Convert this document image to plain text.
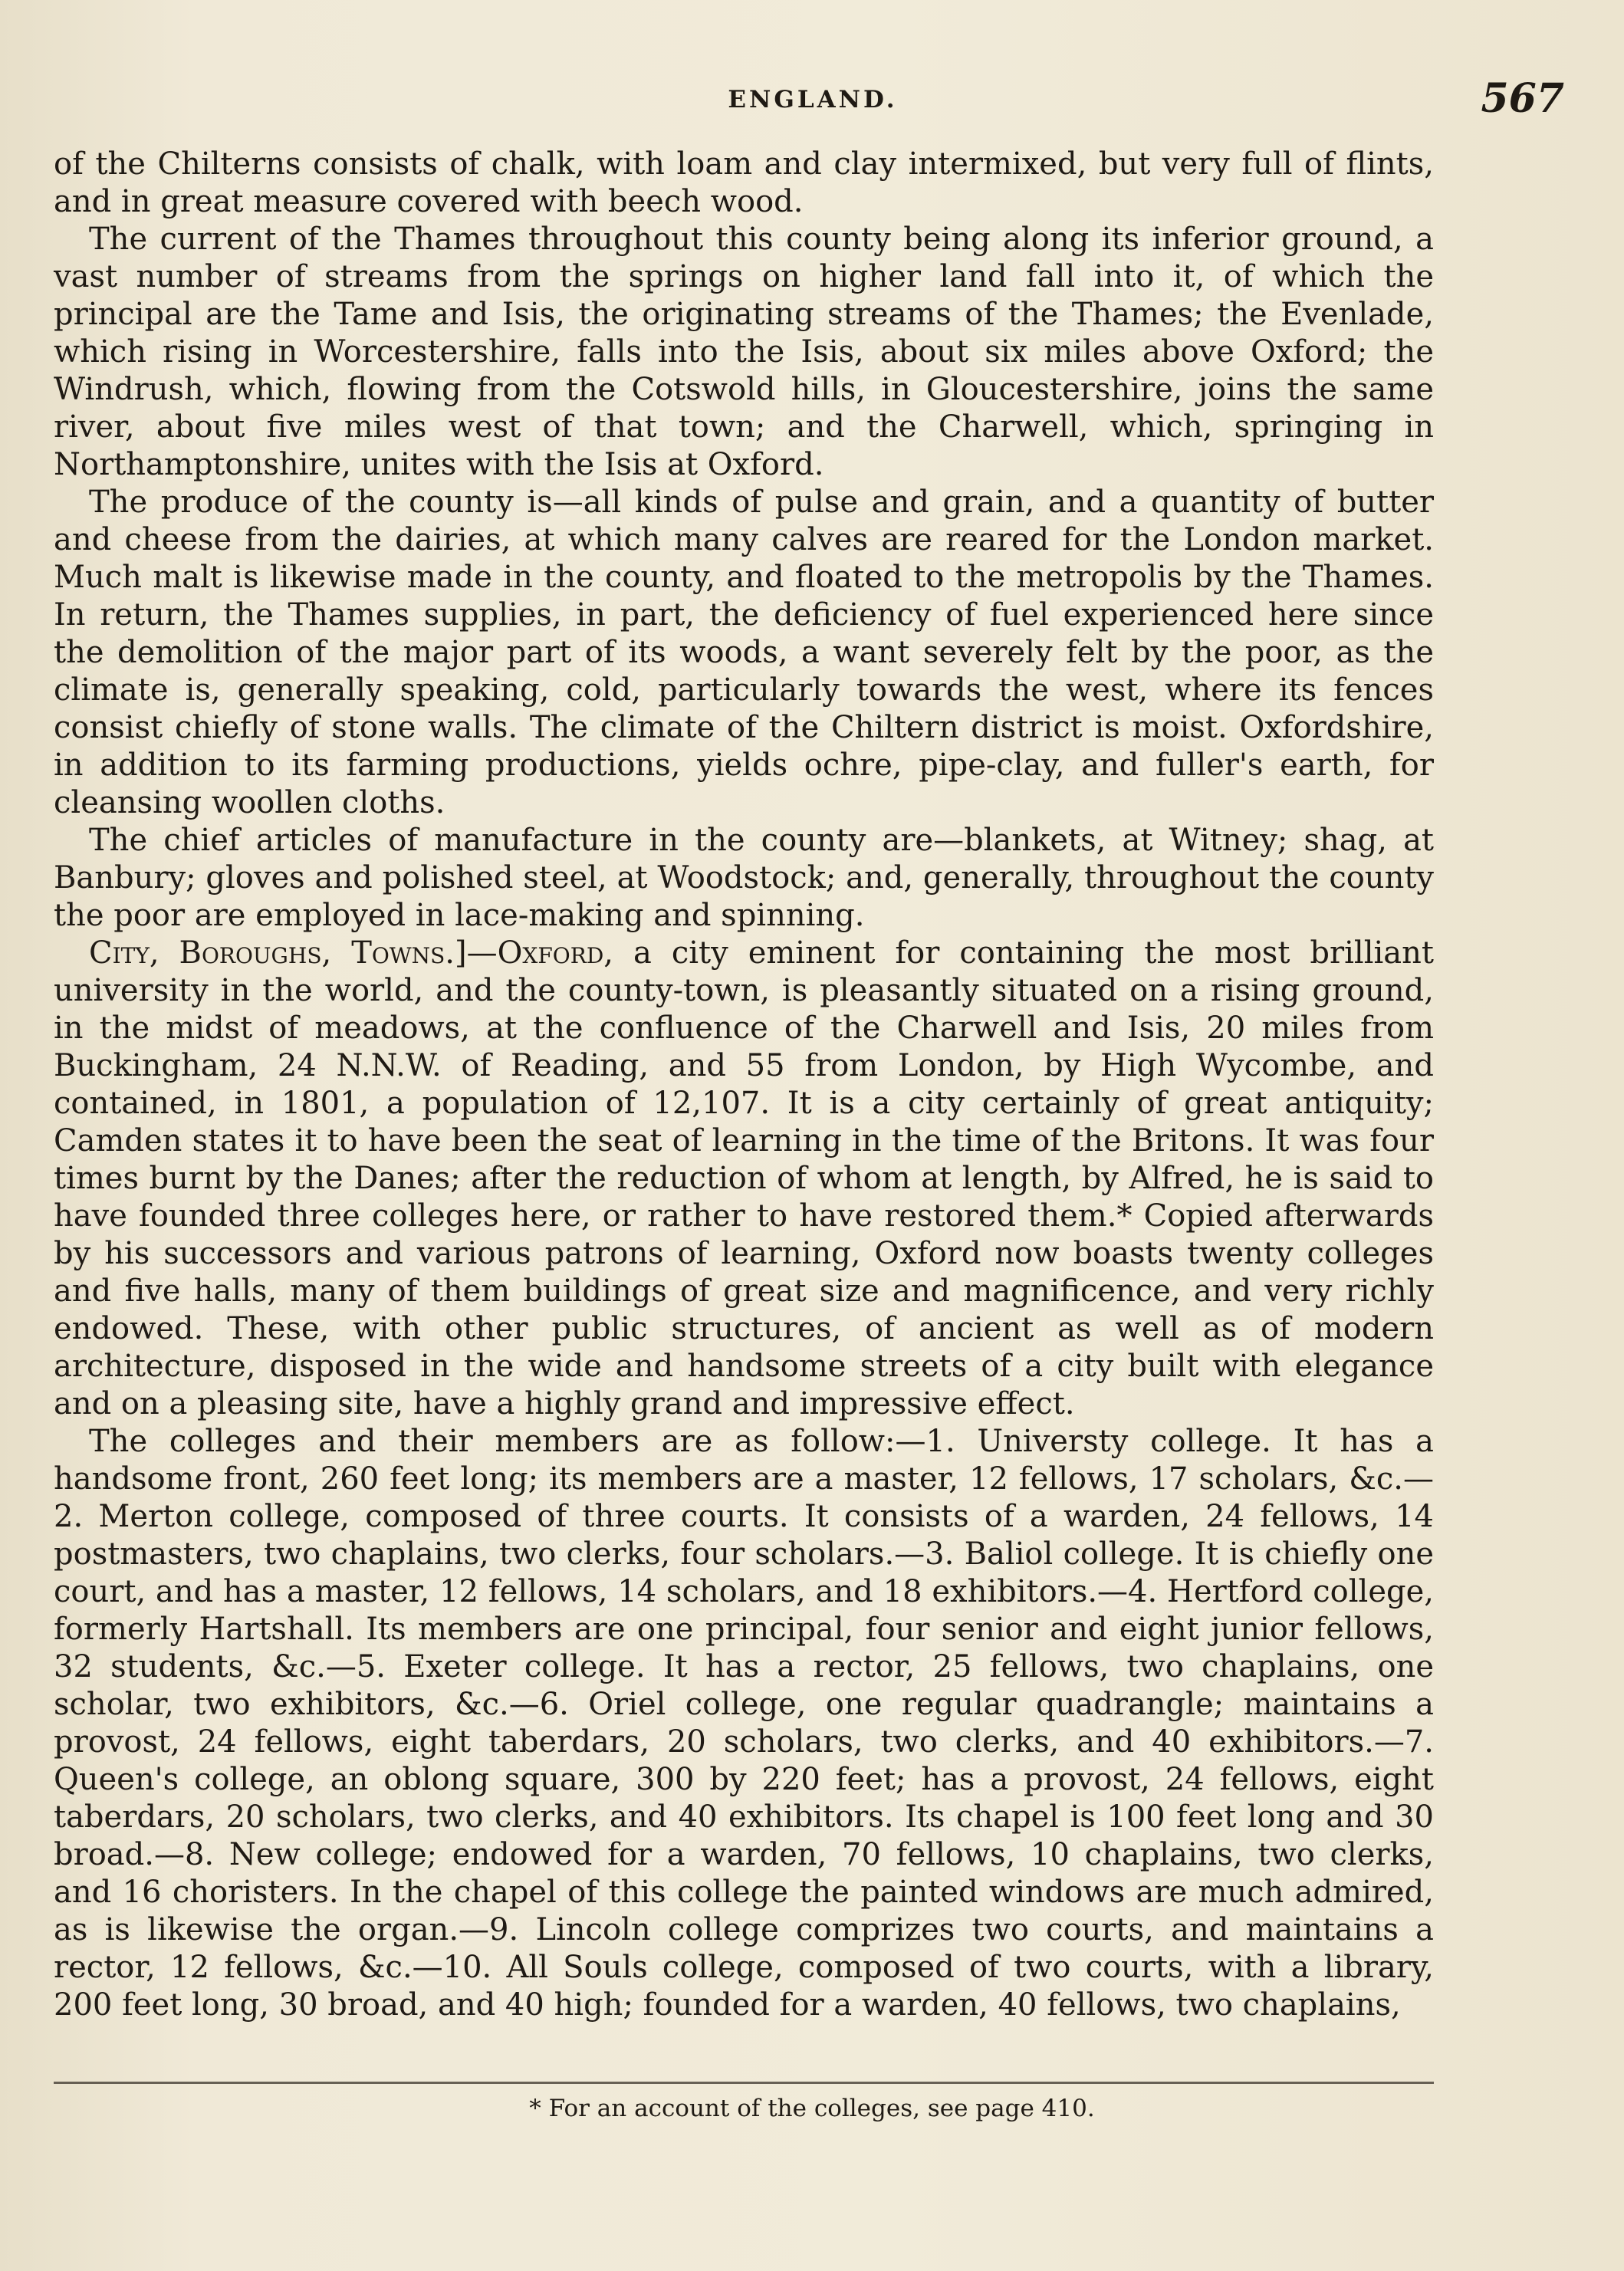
ENGLAND.	567

of the Chilterns consists of chalk, with loam and clay intermixed, but very full of flints, and in great measure covered with beech wood.

The current of the Thames throughout this county being along its inferior ground, a vast number of streams from the springs on higher land fall into it, of which the principal are the Tame and Isis, the originating streams of the Thames; the Evenlade, which rising in Worcestershire, falls into the Isis, about six miles above Oxford; the Windrush, which, flowing from the Cotswold hills, in Gloucestershire, joins the same river, about five miles west of that town; and the Charwell, which, springing in Northamptonshire, unites with the Isis at Oxford.

The produce of the county is—all kinds of pulse and grain, and a quantity of butter and cheese from the dairies, at which many calves are reared for the London market. Much malt is likewise made in the county, and floated to the metropolis by the Thames. In return, the Thames supplies, in part, the deficiency of fuel experienced here since the demolition of the major part of its woods, a want severely felt by the poor, as the climate is, generally speaking, cold, particularly towards the west, where its fences consist chiefly of stone walls. The climate of the Chiltern district is moist. Oxfordshire, in addition to its farming productions, yields ochre, pipe-clay, and fuller's earth, for cleansing woollen cloths.

The chief articles of manufacture in the county are—blankets, at Witney; shag, at Banbury; gloves and polished steel, at Woodstock; and, generally, throughout the county the poor are employed in lace-making and spinning.

City, Boroughs, Towns.]—Oxford, a city eminent for containing the most brilliant university in the world, and the county-town, is pleasantly situated on a rising ground, in the midst of meadows, at the confluence of the Charwell and Isis, 20 miles from Buckingham, 24 N.N.W. of Reading, and 55 from London, by High Wycombe, and contained, in 1801, a population of 12,107. It is a city certainly of great antiquity; Camden states it to have been the seat of learning in the time of the Britons. It was four times burnt by the Danes; after the reduction of whom at length, by Alfred, he is said to have founded three colleges here, or rather to have restored them.* Copied afterwards by his successors and various patrons of learning, Oxford now boasts twenty colleges and five halls, many of them buildings of great size and magnificence, and very richly endowed. These, with other public structures, of ancient as well as of modern architecture, disposed in the wide and handsome streets of a city built with elegance and on a pleasing site, have a highly grand and impressive effect.

The colleges and their members are as follow:—1. Universty college. It has a handsome front, 260 feet long; its members are a master, 12 fellows, 17 scholars, &c.—2. Merton college, composed of three courts. It consists of a warden, 24 fellows, 14 postmasters, two chaplains, two clerks, four scholars.—3. Baliol college. It is chiefly one court, and has a master, 12 fellows, 14 scholars, and 18 exhibitors.—4. Hertford college, formerly Hartshall. Its members are one principal, four senior and eight junior fellows, 32 students, &c.—5. Exeter college. It has a rector, 25 fellows, two chaplains, one scholar, two exhibitors, &c.—6. Oriel college, one regular quadrangle; maintains a provost, 24 fellows, eight taberdars, 20 scholars, two clerks, and 40 exhibitors.—7. Queen's college, an oblong square, 300 by 220 feet; has a provost, 24 fellows, eight taberdars, 20 scholars, two clerks, and 40 exhibitors. Its chapel is 100 feet long and 30 broad.—8. New college; endowed for a warden, 70 fellows, 10 chaplains, two clerks, and 16 choristers. In the chapel of this college the painted windows are much admired, as is likewise the organ.—9. Lincoln college comprizes two courts, and maintains a rector, 12 fellows, &c.—10. All Souls college, composed of two courts, with a library, 200 feet long, 30 broad, and 40 high; founded for a warden, 40 fellows, two chaplains,

* For an account of the colleges, see page 410.
